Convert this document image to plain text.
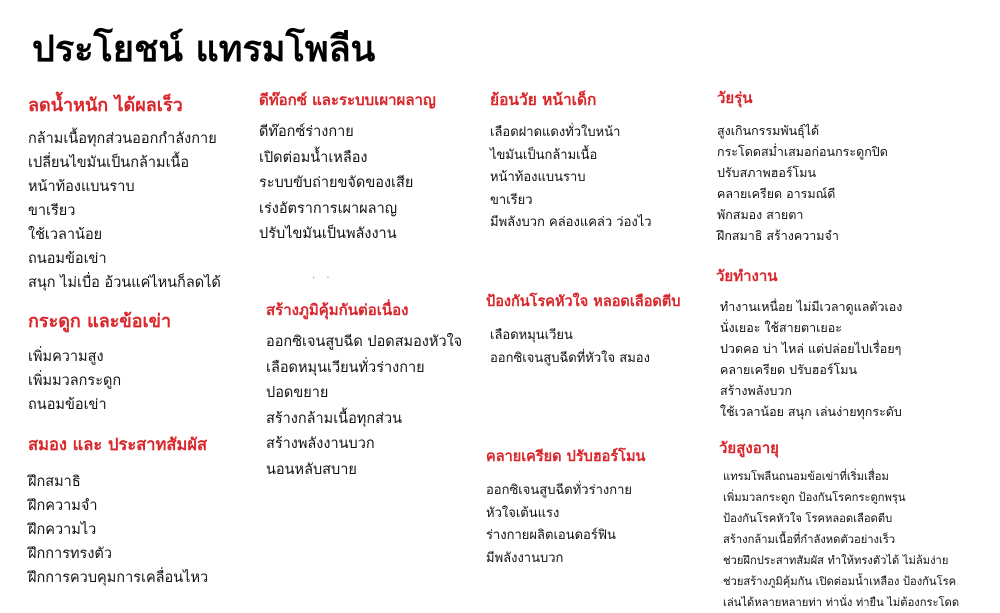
ประโยชน์ แทรมโพลีน
. .
ลดน้ำหนัก ได้ผลเร็ว
กล้ามเนื้อทุกส่วนออกกำลังกาย
เปลี่ยนไขมันเป็นกล้ามเนื้อ
หน้าท้องแบนราบ
ขาเรียว
ใช้เวลาน้อย
ถนอมข้อเข่า
สนุก ไม่เบื่อ อ้วนแค่ไหนก็ลดได้
กระดูก และข้อเข่า
เพิ่มความสูง
เพิ่มมวลกระดูก
ถนอมข้อเข่า
สมอง และ ประสาทสัมผัส
ฝึกสมาธิ
ฝึกความจำ
ฝึกความไว
ฝึกการทรงตัว
ฝึกการควบคุมการเคลื่อนไหว
ดีท๊อกซ์ และระบบเผาผลาญ
ดีท๊อกซ์ร่างกาย
เปิดต่อมน้ำเหลือง
ระบบขับถ่ายขจัดของเสีย
เร่งอัตราการเผาผลาญ
ปรับไขมันเป็นพลังงาน
สร้างภูมิคุ้มกันต่อเนื่อง
ออกซิเจนสูบฉีด ปอดสมองหัวใจ
เลือดหมุนเวียนทั่วร่างกาย
ปอดขยาย
สร้างกล้ามเนื้อทุกส่วน
สร้างพลังงานบวก
นอนหลับสบาย
ย้อนวัย หน้าเด็ก
เลือดฝาดแดงทั่วใบหน้า
ไขมันเป็นกล้ามเนื้อ
หน้าท้องแบนราบ
ขาเรียว
มีพลังบวก คล่องแคล่ว ว่องไว
ป้องกันโรคหัวใจ หลอดเลือดตีบ
เลือดหมุนเวียน
ออกซิเจนสูบฉีดที่หัวใจ สมอง
คลายเครียด ปรับฮอร์โมน
ออกซิเจนสูบฉีดทั่วร่างกาย
หัวใจเต้นแรง
ร่างกายผลิตเอนดอร์ฟิน
มีพลังงานบวก
วัยรุ่น
สูงเกินกรรมพันธุ์ได้
กระโดดสม่ำเสมอก่อนกระดูกปิด
ปรับสภาพฮอร์โมน
คลายเครียด อารมณ์ดี
พักสมอง สายตา
ฝึกสมาธิ สร้างความจำ
วัยทำงาน
ทำงานเหนื่อย ไม่มีเวลาดูแลตัวเอง
นั่งเยอะ ใช้สายตาเยอะ
ปวดคอ บ่า ไหล่ แต่ปล่อยไปเรื่อยๆ
คลายเครียด ปรับฮอร์โมน
สร้างพลังบวก
ใช้เวลาน้อย สนุก เล่นง่ายทุกระดับ
วัยสูงอายุ
แทรมโพลีนถนอมข้อเข่าที่เริ่มเสื่อม
เพิ่มมวลกระดูก ป้องกันโรคกระดูกพรุน
ป้องกันโรคหัวใจ โรคหลอดเลือดตีบ
สร้างกล้ามเนื้อที่กำลังหดตัวอย่างเร็ว
ช่วยฝึกประสาทสัมผัส ทำให้ทรงตัวได้ ไม่ล้มง่าย
ช่วยสร้างภูมิคุ้มกัน เปิดต่อมน้ำเหลือง ป้องกันโรค
เล่นได้หลายหลายท่า ท่านั่ง ท่ายืน ไม่ต้องกระโดด
